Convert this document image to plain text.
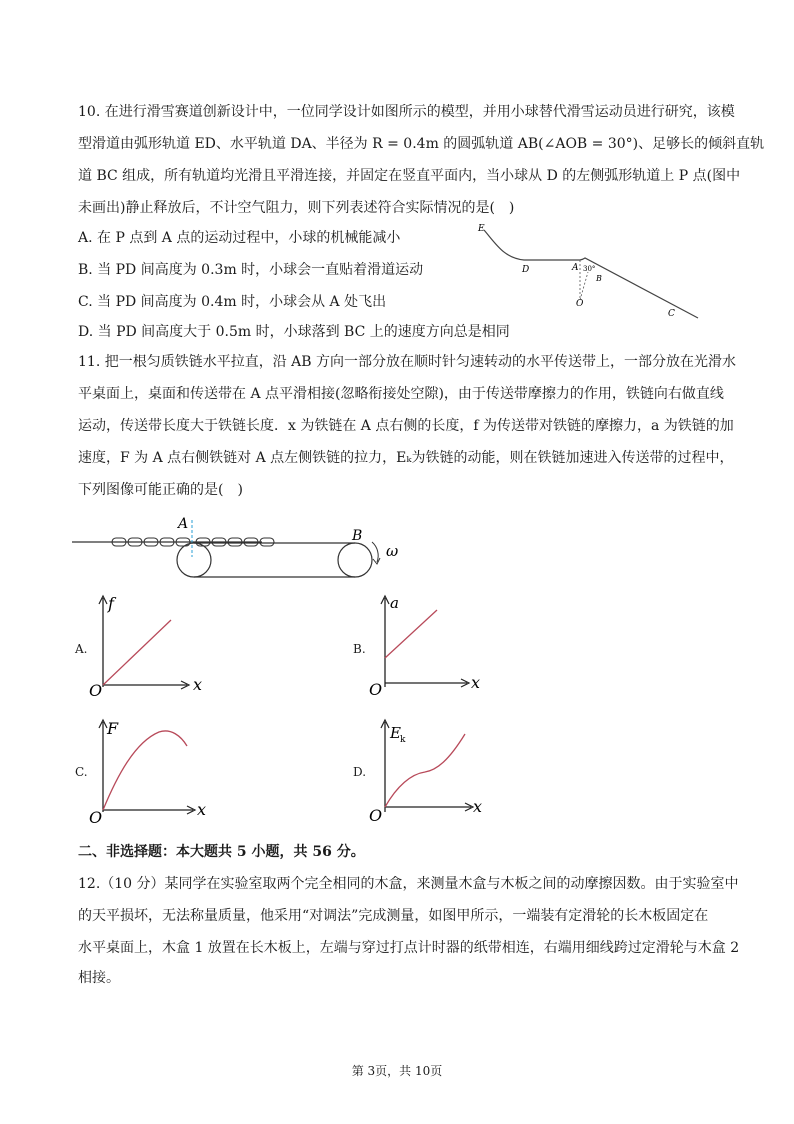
10. 在进行滑雪赛道创新设计中，一位同学设计如图所示的模型，并用小球替代滑雪运动员进行研究，该模
型滑道由弧形轨道 ED、水平轨道 DA、半径为 R = 0.4m 的圆弧轨道 AB(∠AOB = 30°)、足够长的倾斜直轨
道 BC 组成，所有轨道均光滑且平滑连接，并固定在竖直平面内，当小球从 D 的左侧弧形轨道上 P 点(图中
未画出)静止释放后，不计空气阻力，则下列表述符合实际情况的是(　)
A. 在 P 点到 A 点的运动过程中，小球的机械能减小
B. 当 PD 间高度为 0.3m 时，小球会一直贴着滑道运动
C. 当 PD 间高度为 0.4m 时，小球会从 A 处飞出
D. 当 PD 间高度大于 0.5m 时，小球落到 BC 上的速度方向总是相同
E
D	A 30°
B
O
C
11. 把一根匀质铁链水平拉直，沿 AB 方向一部分放在顺时针匀速转动的水平传送带上，一部分放在光滑水
平桌面上，桌面和传送带在 A 点平滑相接(忽略衔接处空隙)，由于传送带摩擦力的作用，铁链向右做直线
运动，传送带长度大于铁链长度．x 为铁链在 A 点右侧的长度，f 为传送带对铁链的摩擦力，a 为铁链的加
速度，F 为 A 点右侧铁链对 A 点左侧铁链的拉力，Eₖ为铁链的动能，则在铁链加速进入传送带的过程中，
下列图像可能正确的是(　)
A
B
ω
A.
f
x
O
B.
a
x
O
C.
F
x
O
D.
E k
x
O
二、非选择题：本大题共 5 小题，共 56 分。
12.（10 分）某同学在实验室取两个完全相同的木盒，来测量木盒与木板之间的动摩擦因数。由于实验室中
的天平损坏，无法称量质量，他采用“对调法”完成测量，如图甲所示，一端装有定滑轮的长木板固定在
水平桌面上，木盒 1 放置在长木板上，左端与穿过打点计时器的纸带相连，右端用细线跨过定滑轮与木盒 2
相接。
第 3页，共 10页
